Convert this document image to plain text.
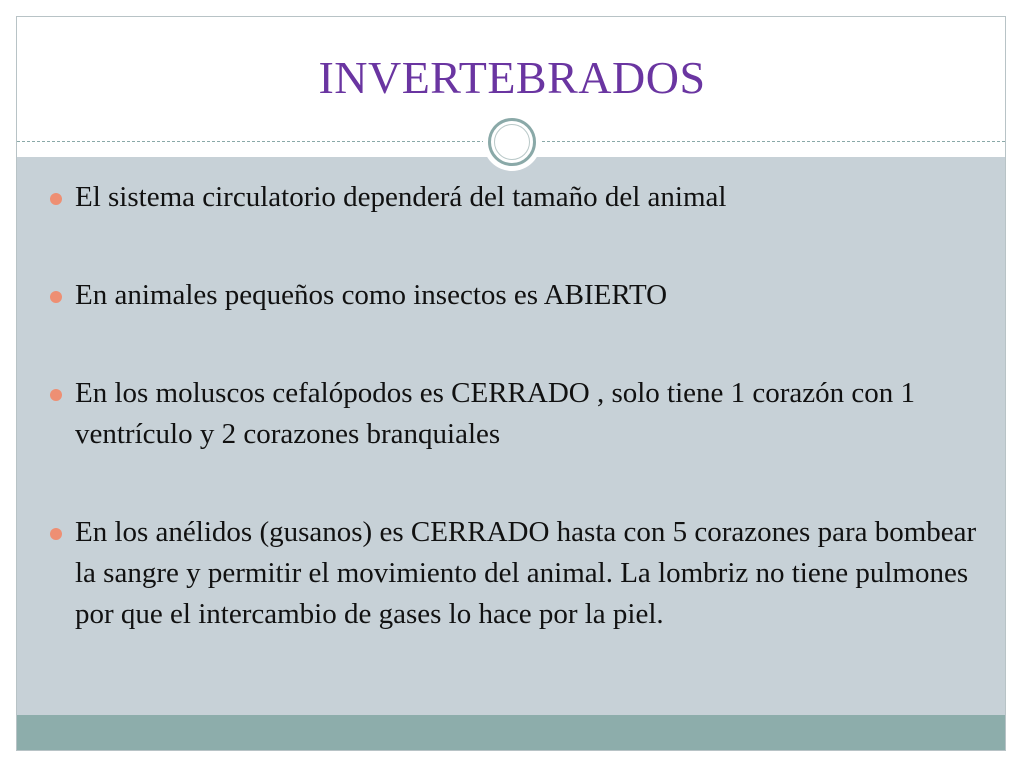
INVERTEBRADOS
El sistema circulatorio dependerá del tamaño del animal
En animales pequeños como insectos es ABIERTO
En los moluscos cefalópodos es CERRADO , solo tiene 1 corazón con 1 ventrículo y 2 corazones branquiales
En los anélidos (gusanos) es CERRADO hasta con 5 corazones para bombear la sangre y permitir el movimiento del animal. La lombriz no tiene pulmones por que el intercambio de gases lo hace por la piel.
